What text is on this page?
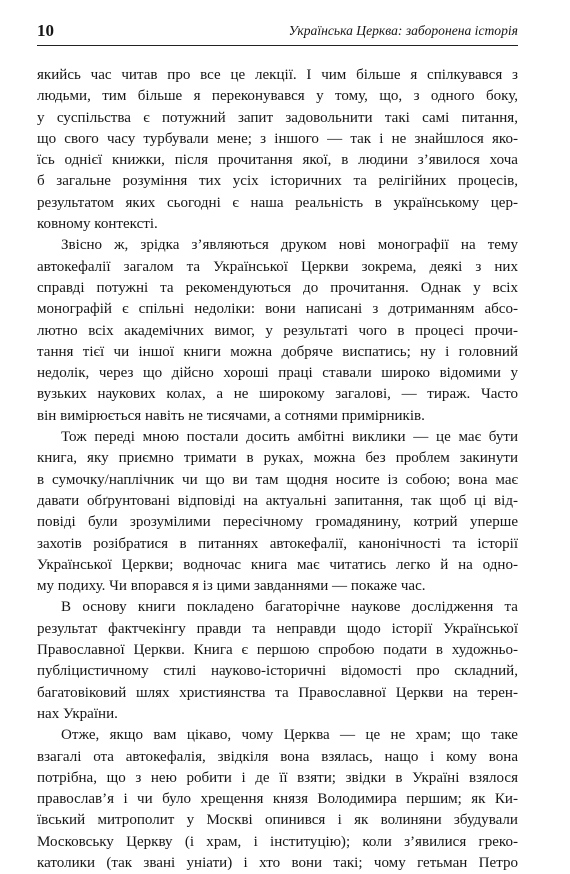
10	Українська Церква: заборонена історія
якийсь час читав про все це лекції. І чим більше я спілкувався з
людьми, тим більше я переконувався у тому, що, з одного боку,
у суспільства є потужний запит задовольнити такі самі питання,
що свого часу турбували мене; з іншого — так і не знайшлося яко-
їсь однієї книжки, після прочитання якої, в людини з’явилося хоча
б загальне розуміння тих усіх історичних та релігійних процесів,
результатом яких сьогодні є наша реальність в українському цер-
ковному контексті.
Звісно ж, зрідка з’являються друком нові монографії на тему
автокефалії загалом та Української Церкви зокрема, деякі з них
справді потужні та рекомендуються до прочитання. Однак у всіх
монографій є спільні недоліки: вони написані з дотриманням абсо-
лютно всіх академічних вимог, у результаті чого в процесі прочи-
тання тієї чи іншої книги можна добряче виспатись; ну і головний
недолік, через що дійсно хороші праці ставали широко відомими у
вузьких наукових колах, а не широкому загалові, — тираж. Часто
він вимірюється навіть не тисячами, а сотнями примірників.
Тож переді мною постали досить амбітні виклики — це має бути
книга, яку приємно тримати в руках, можна без проблем закинути
в сумочку/наплічник чи що ви там щодня носите із собою; вона має
давати обґрунтовані відповіді на актуальні запитання, так щоб ці від-
повіді були зрозумілими пересічному громадянину, котрий уперше
захотів розібратися в питаннях автокефалії, канонічності та історії
Української Церкви; водночас книга має читатись легко й на одно-
му подиху. Чи впорався я із цими завданнями — покаже час.
В основу книги покладено багаторічне наукове дослідження та
результат фактчекінгу правди та неправди щодо історії Української
Православної Церкви. Книга є першою спробою подати в художньо-
публіцистичному стилі науково-історичні відомості про складний,
багатовіковий шлях християнства та Православної Церкви на терен-
нах України.
Отже, якщо вам цікаво, чому Церква — це не храм; що таке
взагалі ота автокефалія, звідкіля вона взялась, нащо і кому вона
потрібна, що з нею робити і де її взяти; звідки в Україні взялося
православ’я і чи було хрещення князя Володимира першим; як Ки-
ївський митрополит у Москві опинився і як волиняни збудували
Московську Церкву (і храм, і інституцію); коли з’явилися греко-
католики (так звані уніати) і хто вони такі; чому гетьман Петро
